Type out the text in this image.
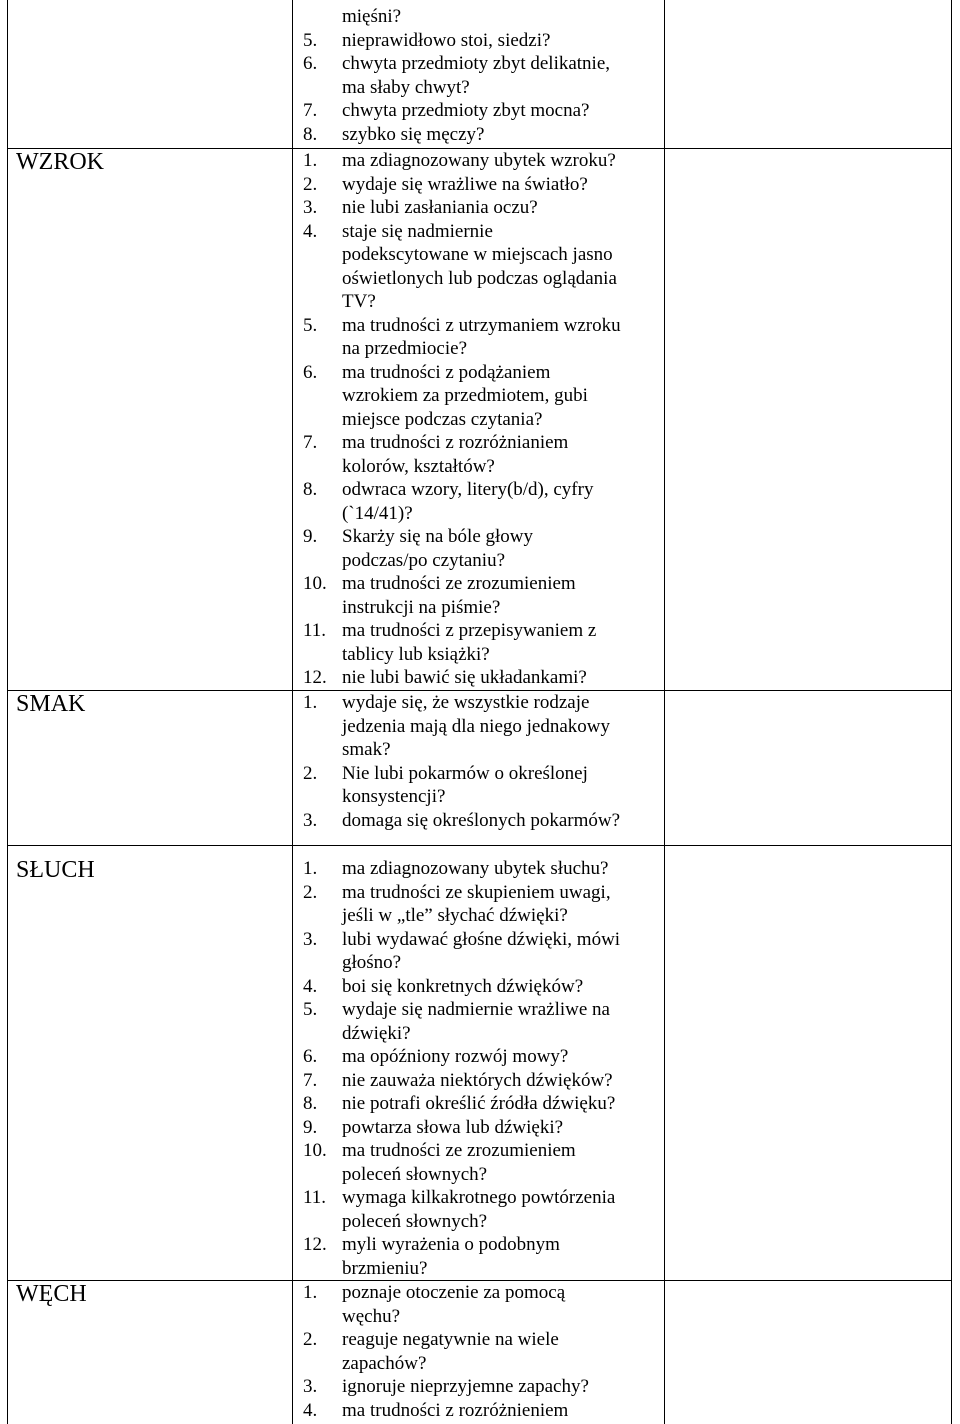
mięśni?
5. nieprawidłowo stoi, siedzi?
6. chwyta przedmioty zbyt delikatnie,
ma słaby chwyt?
7. chwyta przedmioty zbyt mocna?
8. szybko się męczy?
WZROK	1. ma zdiagnozowany ubytek wzroku?
2. wydaje się wrażliwe na światło?
3. nie lubi zasłaniania oczu?
4. staje się nadmiernie
podekscytowane w miejscach jasno
oświetlonych lub podczas oglądania
TV?
5. ma trudności z utrzymaniem wzroku
na przedmiocie?
6. ma trudności z podążaniem
wzrokiem za przedmiotem, gubi
miejsce podczas czytania?
7. ma trudności z rozróżnianiem
kolorów, kształtów?
8. odwraca wzory, litery(b/d), cyfry
(`14/41)?
9. Skarży się na bóle głowy
podczas/po czytaniu?
10. ma trudności ze zrozumieniem
instrukcji na piśmie?
11. ma trudności z przepisywaniem z
tablicy lub książki?
12. nie lubi bawić się układankami?
SMAK	1. wydaje się, że wszystkie rodzaje
jedzenia mają dla niego jednakowy
smak?
2. Nie lubi pokarmów o określonej
konsystencji?
3. domaga się określonych pokarmów?
SŁUCH	1. ma zdiagnozowany ubytek słuchu?
2. ma trudności ze skupieniem uwagi,
jeśli w „tle” słychać dźwięki?
3. lubi wydawać głośne dźwięki, mówi
głośno?
4. boi się konkretnych dźwięków?
5. wydaje się nadmiernie wrażliwe na
dźwięki?
6. ma opóźniony rozwój mowy?
7. nie zauważa niektórych dźwięków?
8. nie potrafi określić źródła dźwięku?
9. powtarza słowa lub dźwięki?
10. ma trudności ze zrozumieniem
poleceń słownych?
11. wymaga kilkakrotnego powtórzenia
poleceń słownych?
12. myli wyrażenia o podobnym
brzmieniu?
WĘCH	1. poznaje otoczenie za pomocą
węchu?
2. reaguje negatywnie na wiele
zapachów?
3. ignoruje nieprzyjemne zapachy?
4. ma trudności z rozróżnieniem
